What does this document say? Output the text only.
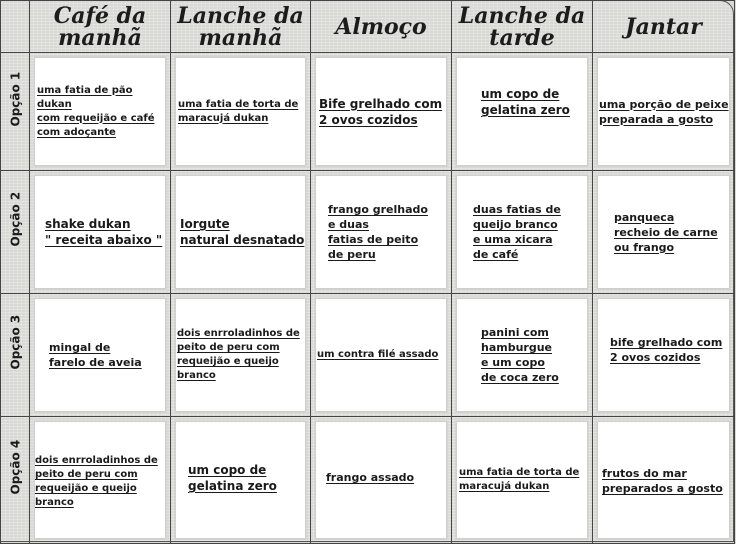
	Café da
manhã	Lanche da
manhã	Almoço	Lanche da
tarde	Jantar

Opção 1	uma fatia de pão dukan
com requeijão e café
com adoçante	uma fatia de torta de
maracujá dukan	Bife grelhado com
2 ovos cozidos	um copo de
gelatina zero	uma porção de peixe
preparada a gosto

Opção 2	shake dukan
" receita abaixo "	Iorgute
natural desnatado	frango grelhado
e duas
fatias de peito
de peru	duas fatias de
queijo branco
e uma xicara
de café	panqueca
recheio de carne
ou frango

Opção 3	mingal de
farelo de aveia	dois enrroladinhos de
peito de peru com
requeijão e queijo
branco	um contra filé assado	panini com
hamburgue
e um copo
de coca zero	bife grelhado com
2 ovos cozidos

Opção 4	dois enrroladinhos de
peito de peru com
requeijão e queijo
branco	um copo de
gelatina zero	frango assado	uma fatia de torta de
maracujá dukan	frutos do mar
preparados a gosto
